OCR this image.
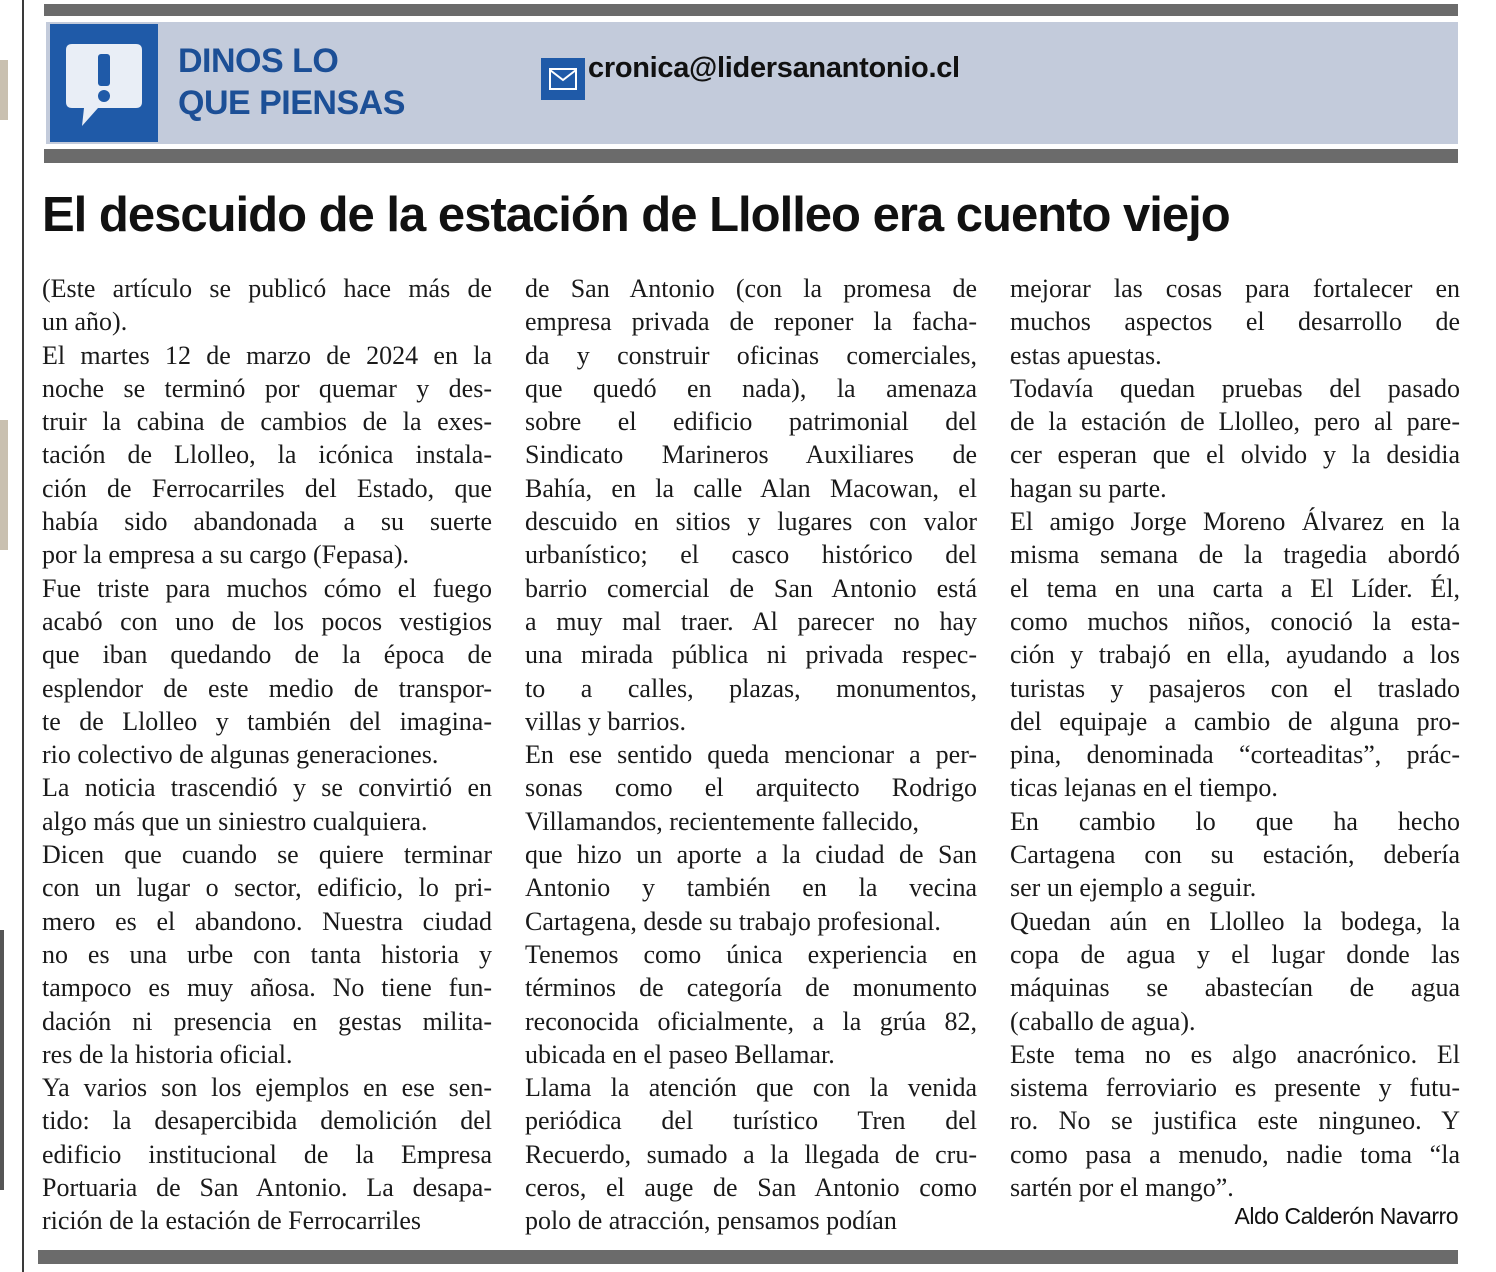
DINOS LO
QUE PIENSAS
cronica@lidersanantonio.cl
El descuido de la estación de Llolleo era cuento viejo
(Este artículo se publicó hace más de
un año).
El martes 12 de marzo de 2024 en la
noche se terminó por quemar y des-
truir la cabina de cambios de la exes-
tación de Llolleo, la icónica instala-
ción de Ferrocarriles del Estado, que
había sido abandonada a su suerte
por la empresa a su cargo (Fepasa).
Fue triste para muchos cómo el fuego
acabó con uno de los pocos vestigios
que iban quedando de la época de
esplendor de este medio de transpor-
te de Llolleo y también del imagina-
rio colectivo de algunas generaciones.
La noticia trascendió y se convirtió en
algo más que un siniestro cualquiera.
Dicen que cuando se quiere terminar
con un lugar o sector, edificio, lo pri-
mero es el abandono. Nuestra ciudad
no es una urbe con tanta historia y
tampoco es muy añosa. No tiene fun-
dación ni presencia en gestas milita-
res de la historia oficial.
Ya varios son los ejemplos en ese sen-
tido: la desapercibida demolición del
edificio institucional de la Empresa
Portuaria de San Antonio. La desapa-
rición de la estación de Ferrocarriles
de San Antonio (con la promesa de
empresa privada de reponer la facha-
da y construir oficinas comerciales,
que quedó en nada), la amenaza
sobre el edificio patrimonial del
Sindicato Marineros Auxiliares de
Bahía, en la calle Alan Macowan, el
descuido en sitios y lugares con valor
urbanístico; el casco histórico del
barrio comercial de San Antonio está
a muy mal traer. Al parecer no hay
una mirada pública ni privada respec-
to a calles, plazas, monumentos,
villas y barrios.
En ese sentido queda mencionar a per-
sonas como el arquitecto Rodrigo
Villamandos, recientemente fallecido,
que hizo un aporte a la ciudad de San
Antonio y también en la vecina
Cartagena, desde su trabajo profesional.
Tenemos como única experiencia en
términos de categoría de monumento
reconocida oficialmente, a la grúa 82,
ubicada en el paseo Bellamar.
Llama la atención que con la venida
periódica del turístico Tren del
Recuerdo, sumado a la llegada de cru-
ceros, el auge de San Antonio como
polo de atracción, pensamos podían
mejorar las cosas para fortalecer en
muchos aspectos el desarrollo de
estas apuestas.
Todavía quedan pruebas del pasado
de la estación de Llolleo, pero al pare-
cer esperan que el olvido y la desidia
hagan su parte.
El amigo Jorge Moreno Álvarez en la
misma semana de la tragedia abordó
el tema en una carta a El Líder. Él,
como muchos niños, conoció la esta-
ción y trabajó en ella, ayudando a los
turistas y pasajeros con el traslado
del equipaje a cambio de alguna pro-
pina, denominada “corteaditas”, prác-
ticas lejanas en el tiempo.
En cambio lo que ha hecho
Cartagena con su estación, debería
ser un ejemplo a seguir.
Quedan aún en Llolleo la bodega, la
copa de agua y el lugar donde las
máquinas se abastecían de agua
(caballo de agua).
Este tema no es algo anacrónico. El
sistema ferroviario es presente y futu-
ro. No se justifica este ninguneo. Y
como pasa a menudo, nadie toma “la
sartén por el mango”.
Aldo Calderón Navarro
